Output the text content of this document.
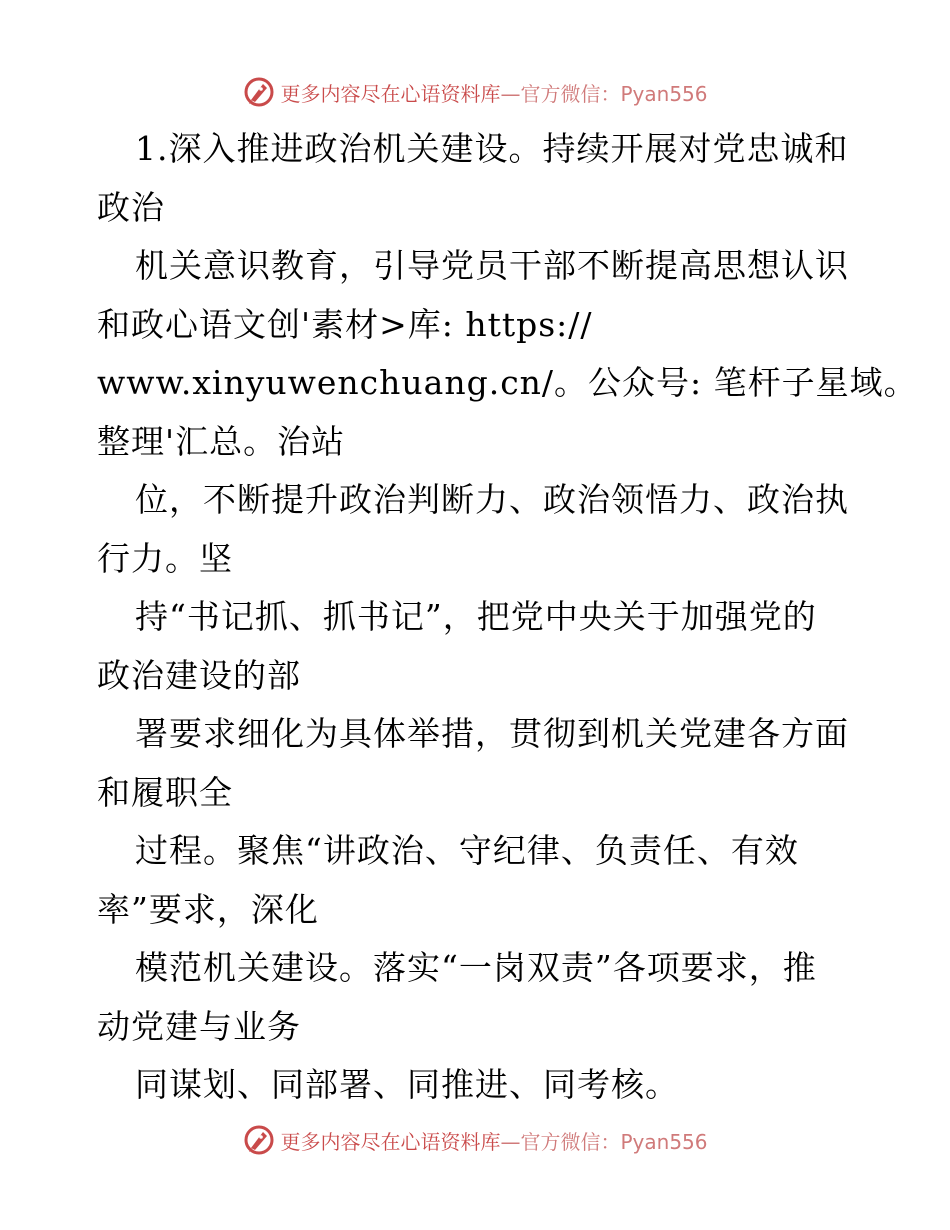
更多内容尽在心语资料库—官方微信：Pyan556
1.深入推进政治机关建设。持续开展对党忠诚和
政治
机关意识教育，引导党员干部不断提高思想认识
和政心语文创'素材>库: https://
www.xinyuwenchuang.cn/。公众号: 笔杆子星域。
整理'汇总。治站
位，不断提升政治判断力、政治领悟力、政治执
行力。坚
持“书记抓、抓书记”，把党中央关于加强党的
政治建设的部
署要求细化为具体举措，贯彻到机关党建各方面
和履职全
过程。聚焦“讲政治、守纪律、负责任、有效
率”要求，深化
模范机关建设。落实“一岗双责”各项要求，推
动党建与业务
同谋划、同部署、同推进、同考核。
更多内容尽在心语资料库—官方微信：Pyan556
